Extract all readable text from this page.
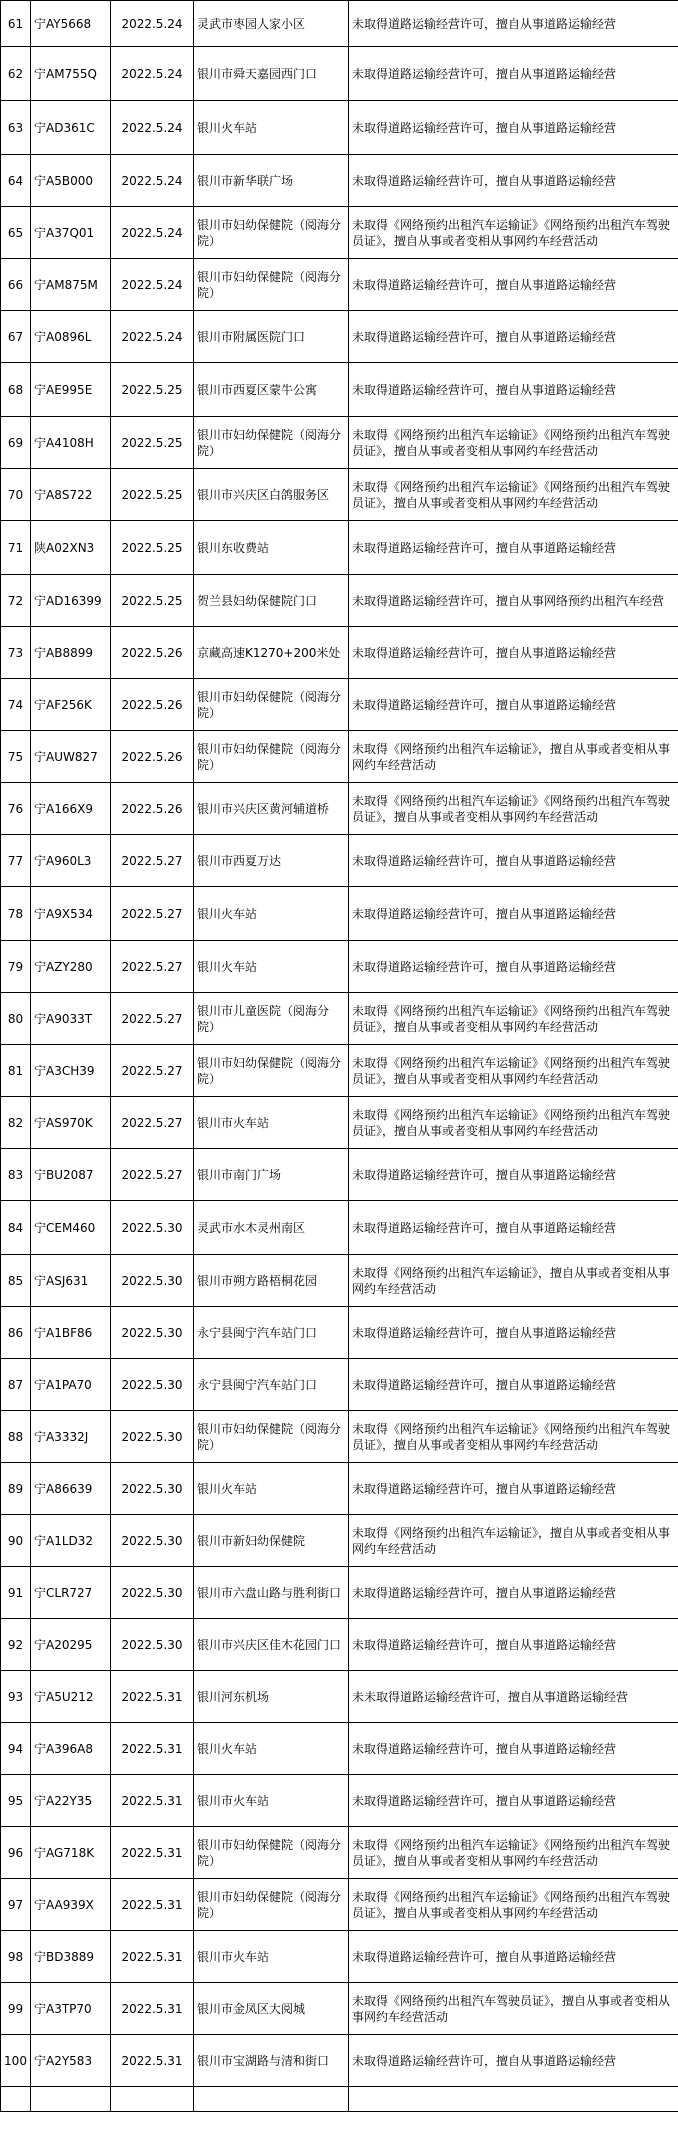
61	宁AY5668	2022.5.24	灵武市枣园人家小区	未取得道路运输经营许可，擅自从事道路运输经营
62	宁AM755Q	2022.5.24	银川市舜天嘉园西门口	未取得道路运输经营许可，擅自从事道路运输经营
63	宁AD361C	2022.5.24	银川火车站	未取得道路运输经营许可，擅自从事道路运输经营
64	宁A5B000	2022.5.24	银川市新华联广场	未取得道路运输经营许可，擅自从事道路运输经营
65	宁A37Q01	2022.5.24	银川市妇幼保健院（阅海分院）	未取得《网络预约出租汽车运输证》《网络预约出租汽车驾驶员证》，擅自从事或者变相从事网约车经营活动
66	宁AM875M	2022.5.24	银川市妇幼保健院（阅海分院）	未取得道路运输经营许可，擅自从事道路运输经营
67	宁A0896L	2022.5.24	银川市附属医院门口	未取得道路运输经营许可，擅自从事道路运输经营
68	宁AE995E	2022.5.25	银川市西夏区蒙牛公寓	未取得道路运输经营许可，擅自从事道路运输经营
69	宁A4108H	2022.5.25	银川市妇幼保健院（阅海分院）	未取得《网络预约出租汽车运输证》《网络预约出租汽车驾驶员证》，擅自从事或者变相从事网约车经营活动
70	宁A8S722	2022.5.25	银川市兴庆区白鸽服务区	未取得《网络预约出租汽车运输证》《网络预约出租汽车驾驶员证》，擅自从事或者变相从事网约车经营活动
71	陕A02XN3	2022.5.25	银川东收费站	未取得道路运输经营许可，擅自从事道路运输经营
72	宁AD16399	2022.5.25	贺兰县妇幼保健院门口	未取得道路运输经营许可，擅自从事网络预约出租汽车经营
73	宁AB8899	2022.5.26	京藏高速K1270+200米处	未取得道路运输经营许可，擅自从事道路运输经营
74	宁AF256K	2022.5.26	银川市妇幼保健院（阅海分院）	未取得道路运输经营许可，擅自从事道路运输经营
75	宁AUW827	2022.5.26	银川市妇幼保健院（阅海分院）	未取得《网络预约出租汽车运输证》，擅自从事或者变相从事网约车经营活动
76	宁A166X9	2022.5.26	银川市兴庆区黄河辅道桥	未取得《网络预约出租汽车运输证》《网络预约出租汽车驾驶员证》，擅自从事或者变相从事网约车经营活动
77	宁A960L3	2022.5.27	银川市西夏万达	未取得道路运输经营许可，擅自从事道路运输经营
78	宁A9X534	2022.5.27	银川火车站	未取得道路运输经营许可，擅自从事道路运输经营
79	宁AZY280	2022.5.27	银川火车站	未取得道路运输经营许可，擅自从事道路运输经营
80	宁A9033T	2022.5.27	银川市儿童医院（阅海分院）	未取得《网络预约出租汽车运输证》《网络预约出租汽车驾驶员证》，擅自从事或者变相从事网约车经营活动
81	宁A3CH39	2022.5.27	银川市妇幼保健院（阅海分院）	未取得《网络预约出租汽车运输证》《网络预约出租汽车驾驶员证》，擅自从事或者变相从事网约车经营活动
82	宁AS970K	2022.5.27	银川市火车站	未取得《网络预约出租汽车运输证》《网络预约出租汽车驾驶员证》，擅自从事或者变相从事网约车经营活动
83	宁BU2087	2022.5.27	银川市南门广场	未取得道路运输经营许可，擅自从事道路运输经营
84	宁CEM460	2022.5.30	灵武市水木灵州南区	未取得道路运输经营许可，擅自从事道路运输经营
85	宁ASJ631	2022.5.30	银川市朔方路梧桐花园	未取得《网络预约出租汽车运输证》，擅自从事或者变相从事网约车经营活动
86	宁A1BF86	2022.5.30	永宁县闽宁汽车站门口	未取得道路运输经营许可，擅自从事道路运输经营
87	宁A1PA70	2022.5.30	永宁县闽宁汽车站门口	未取得道路运输经营许可，擅自从事道路运输经营
88	宁A3332J	2022.5.30	银川市妇幼保健院（阅海分院）	未取得《网络预约出租汽车运输证》《网络预约出租汽车驾驶员证》，擅自从事或者变相从事网约车经营活动
89	宁A86639	2022.5.30	银川火车站	未取得道路运输经营许可，擅自从事道路运输经营
90	宁A1LD32	2022.5.30	银川市新妇幼保健院	未取得《网络预约出租汽车运输证》，擅自从事或者变相从事网约车经营活动
91	宁CLR727	2022.5.30	银川市六盘山路与胜利街口	未取得道路运输经营许可，擅自从事道路运输经营
92	宁A20295	2022.5.30	银川市兴庆区佳木花园门口	未取得道路运输经营许可，擅自从事道路运输经营
93	宁A5U212	2022.5.31	银川河东机场	未未取得道路运输经营许可，擅自从事道路运输经营
94	宁A396A8	2022.5.31	银川火车站	未取得道路运输经营许可，擅自从事道路运输经营
95	宁A22Y35	2022.5.31	银川市火车站	未取得道路运输经营许可，擅自从事道路运输经营
96	宁AG718K	2022.5.31	银川市妇幼保健院（阅海分院）	未取得《网络预约出租汽车运输证》《网络预约出租汽车驾驶员证》，擅自从事或者变相从事网约车经营活动
97	宁AA939X	2022.5.31	银川市妇幼保健院（阅海分院）	未取得《网络预约出租汽车运输证》《网络预约出租汽车驾驶员证》，擅自从事或者变相从事网约车经营活动
98	宁BD3889	2022.5.31	银川市火车站	未取得道路运输经营许可，擅自从事道路运输经营
99	宁A3TP70	2022.5.31	银川市金凤区大阅城	未取得《网络预约出租汽车驾驶员证》，擅自从事或者变相从事网约车经营活动
100	宁A2Y583	2022.5.31	银川市宝湖路与清和街口	未取得道路运输经营许可，擅自从事道路运输经营
